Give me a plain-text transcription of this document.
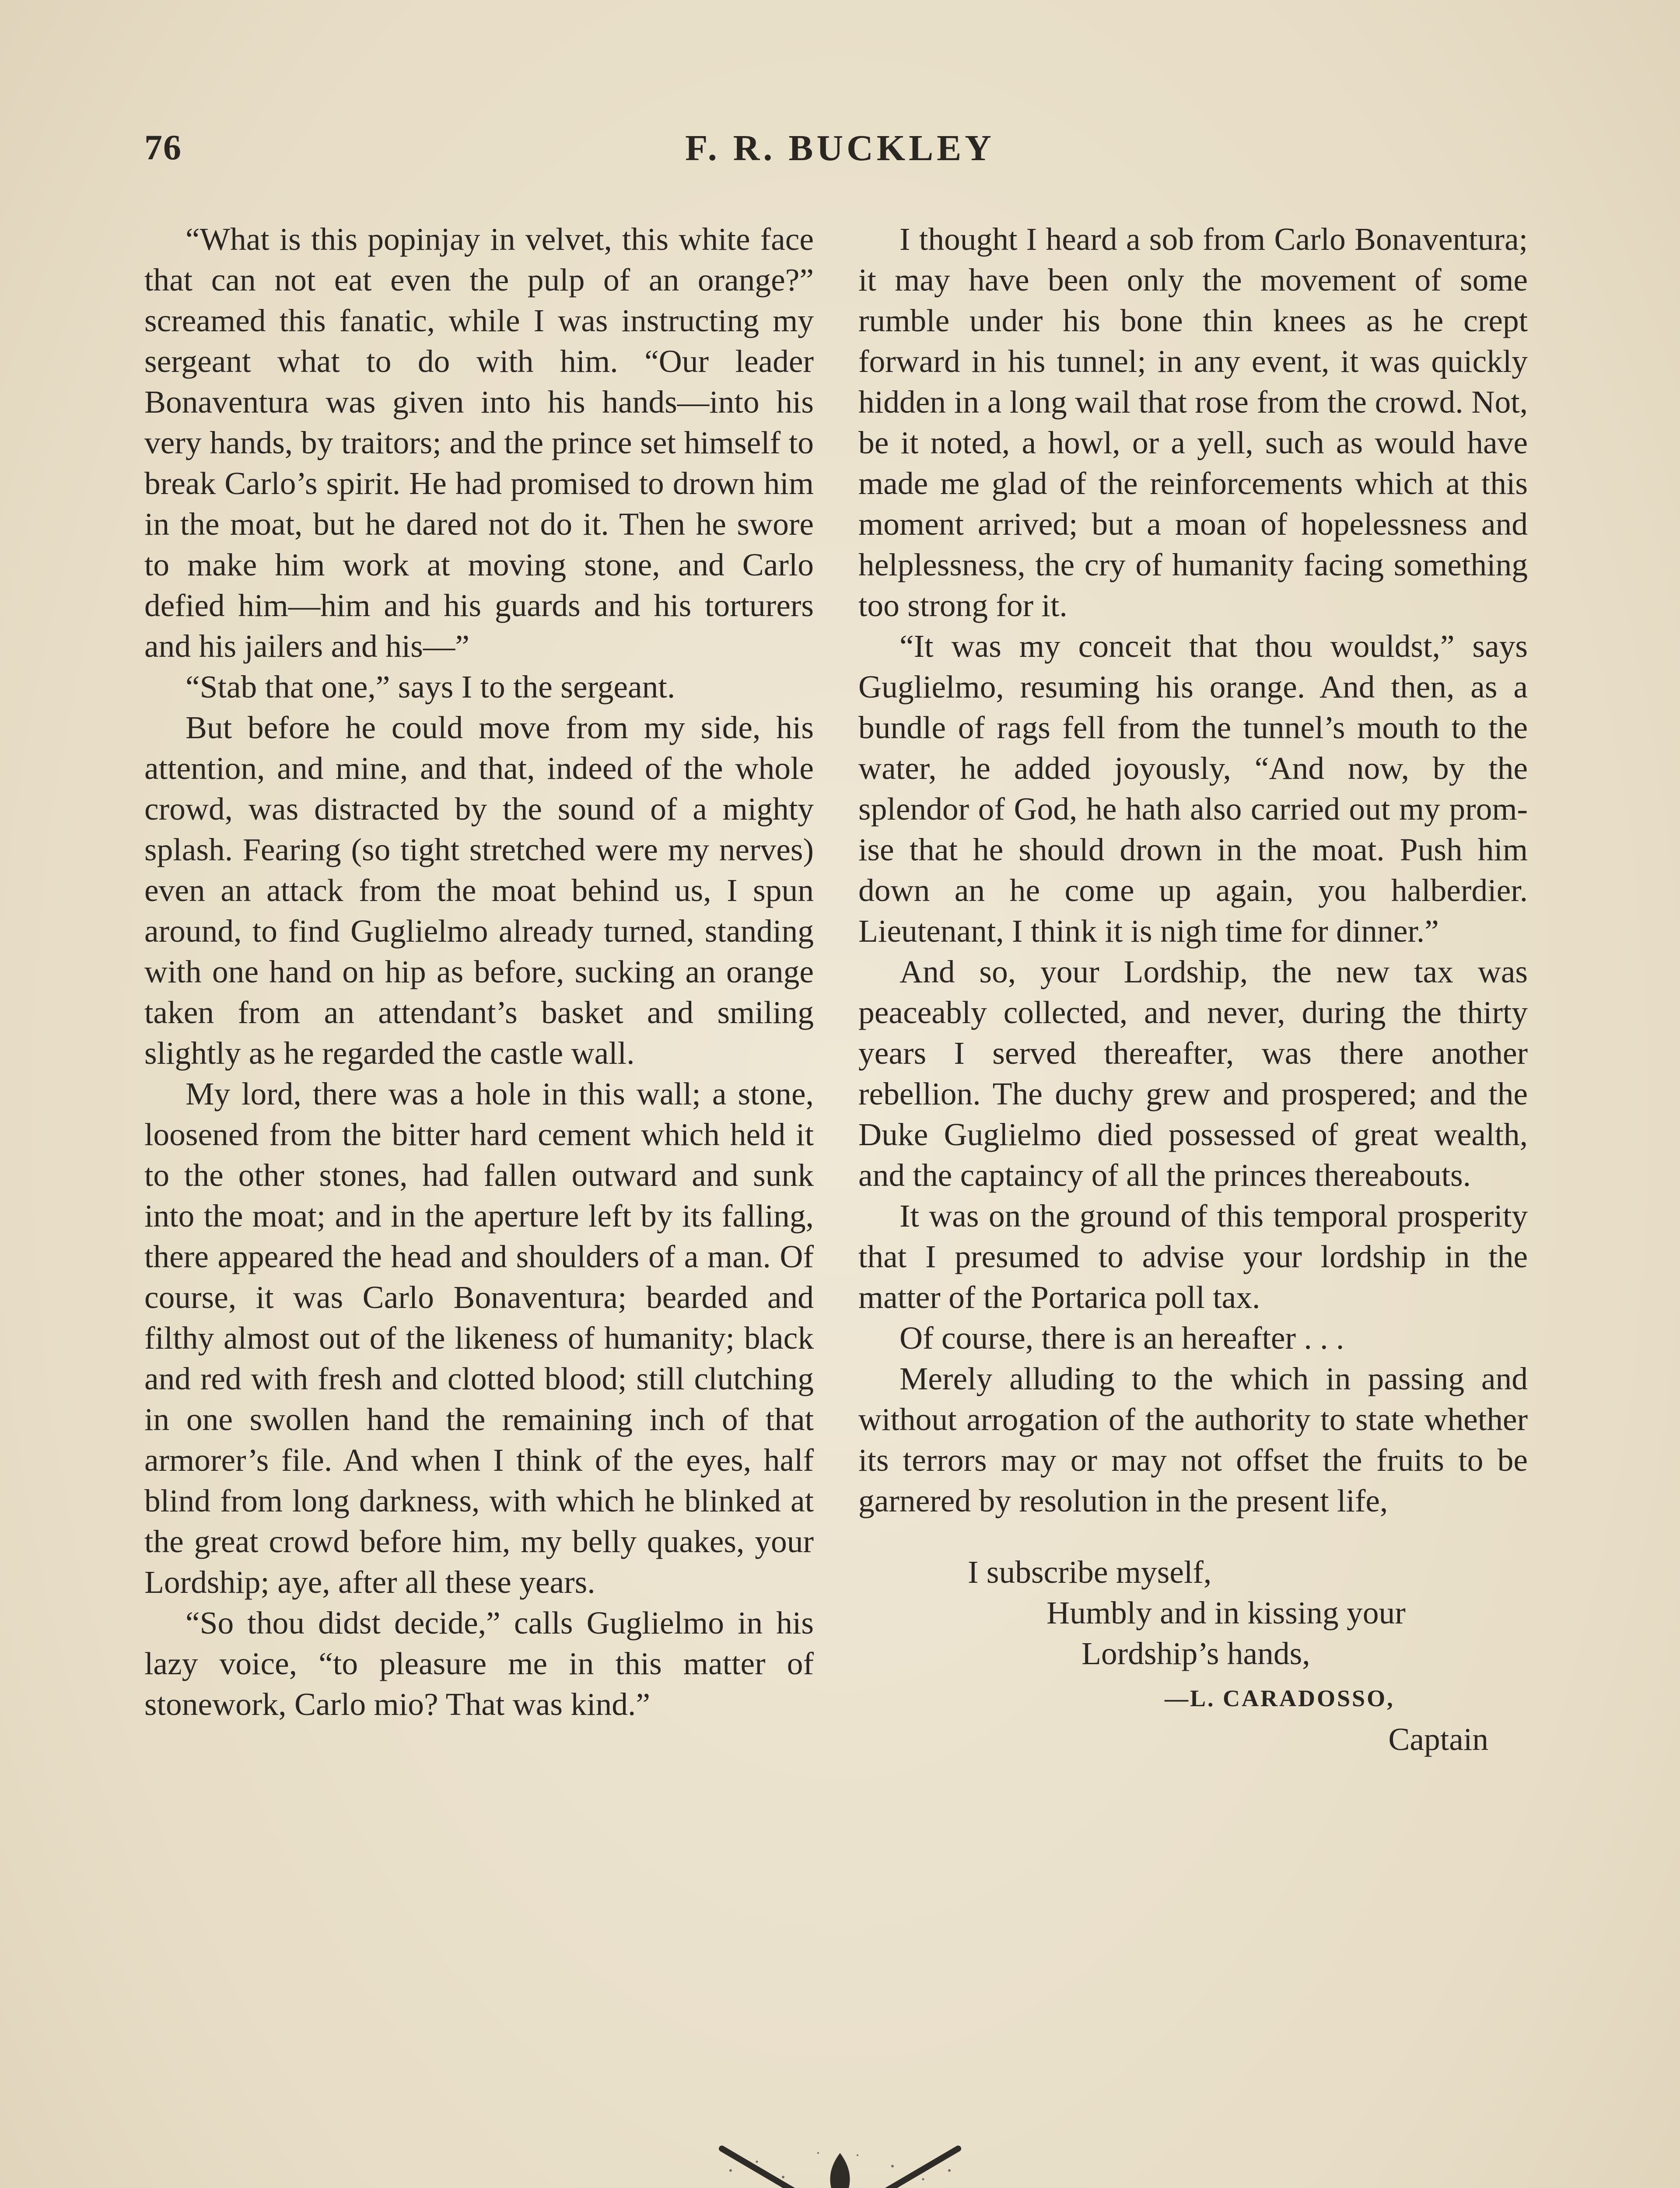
76	F. R. BUCKLEY

“What is this popinjay in velvet, this white face that can not eat even the pulp of an orange?” screamed this fanatic, while I was instructing my sergeant what to do with him. “Our leader Bonaventura was given into his hands—into his very hands, by traitors; and the prince set himself to break Carlo’s spirit. He had promised to drown him in the moat, but he dared not do it. Then he swore to make him work at moving stone, and Carlo defied him—him and his guards and his torturers and his jailers and his—”

“Stab that one,” says I to the sergeant.

But before he could move from my side, his attention, and mine, and that, indeed of the whole crowd, was distracted by the sound of a mighty splash. Fearing (so tight stretched were my nerves) even an attack from the moat behind us, I spun around, to find Guglielmo already turned, standing with one hand on hip as before, sucking an orange taken from an attendant’s basket and smiling slightly as he regarded the castle wall.

My lord, there was a hole in this wall; a stone, loosened from the bitter hard cement which held it to the other stones, had fallen outward and sunk into the moat; and in the aperture left by its falling, there appeared the head and shoulders of a man. Of course, it was Carlo Bonaventura; bearded and filthy almost out of the likeness of humanity; black and red with fresh and clotted blood; still clutching in one swollen hand the remaining inch of that armorer’s file. And when I think of the eyes, half blind from long darkness, with which he blinked at the great crowd before him, my belly quakes, your Lordship; aye, after all these years.

“So thou didst decide,” calls Guglielmo in his lazy voice, “to pleasure me in this matter of stonework, Carlo mio? That was kind.”

I thought I heard a sob from Carlo Bonaventura; it may have been only the movement of some rumble under his bone thin knees as he crept forward in his tunnel; in any event, it was quickly hidden in a long wail that rose from the crowd. Not, be it noted, a howl, or a yell, such as would have made me glad of the reinforcements which at this moment arrived; but a moan of hopelessness and helplessness, the cry of humanity facing something too strong for it.

“It was my conceit that thou wouldst,” says Guglielmo, resuming his orange. And then, as a bundle of rags fell from the tunnel’s mouth to the water, he added joyously, “And now, by the splendor of God, he hath also carried out my promise that he should drown in the moat. Push him down an he come up again, you halberdier. Lieutenant, I think it is nigh time for dinner.”

And so, your Lordship, the new tax was peaceably collected, and never, during the thirty years I served thereafter, was there another rebellion. The duchy grew and prospered; and the Duke Guglielmo died possessed of great wealth, and the captaincy of all the princes thereabouts.

It was on the ground of this temporal prosperity that I presumed to advise your lordship in the matter of the Portarica poll tax.

Of course, there is an hereafter . . .

Merely alluding to the which in passing and without arrogation of the authority to state whether its terrors may or may not offset the fruits to be garnered by resolution in the present life,

I subscribe myself,

Humbly and in kissing your

Lordship’s hands,

—L. CARADOSSO,

Captain
